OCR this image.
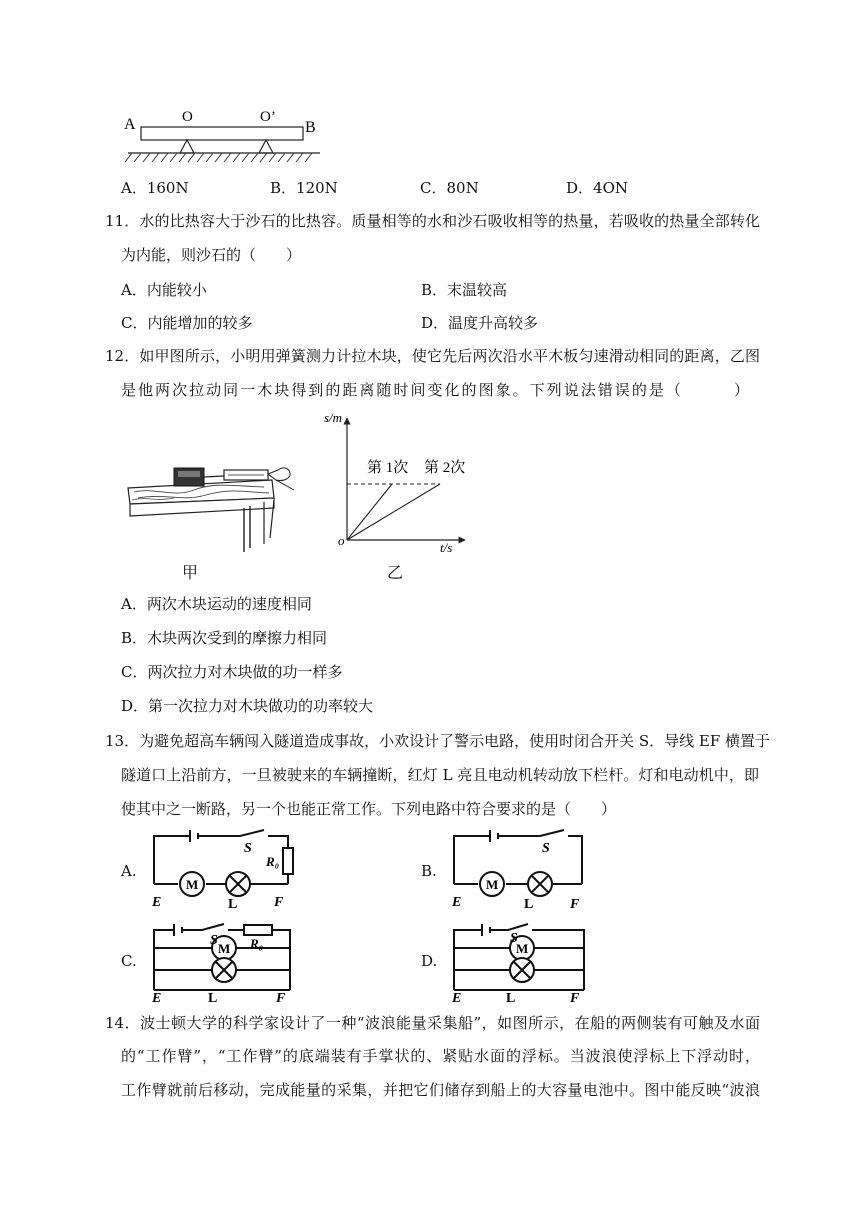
A	O	O’
B
A．160N	B．120N	C．80N	D．4ON
11．水的比热容大于沙石的比热容。质量相等的水和沙石吸收相等的热量，若吸收的热量全部转化
为内能，则沙石的（　　）
A．内能较小	B．末温较高
C．内能增加的较多	D．温度升高较多
12．如甲图所示，小明用弹簧测力计拉木块，使它先后两次沿水平木板匀速滑动相同的距离，乙图
是他两次拉动同一木块得到的距离随时间变化的图象。下列说法错误的是（　　　）
甲
s/m
o	t/s
第 1次 第 2次
乙
A．两次木块运动的速度相同
B．木块两次受到的摩擦力相同
C．两次拉力对木块做的功一样多
D．第一次拉力对木块做功的功率较大
13．为避免超高车辆闯入隧道造成事故，小欢设计了警示电路，使用时闭合开关 S．导线 EF 横置于
隧道口上沿前方，一旦被驶来的车辆撞断，红灯 L 亮且电动机转动放下栏杆。灯和电动机中，即
使其中之一断路，另一个也能正常工作。下列电路中符合要求的是（　　）
A.	B.
C.	D.
S
R₀
M
L
E	F
S
M
L
E	F
S R₀
M
L
E	F
S
M
L
E	F
14．波士顿大学的科学家设计了一种“波浪能量采集船”，如图所示，在船的两侧装有可触及水面
的“工作臂”，“工作臂”的底端装有手掌状的、紧贴水面的浮标。当波浪使浮标上下浮动时，
工作臂就前后移动，完成能量的采集，并把它们储存到船上的大容量电池中。图中能反映“波浪
